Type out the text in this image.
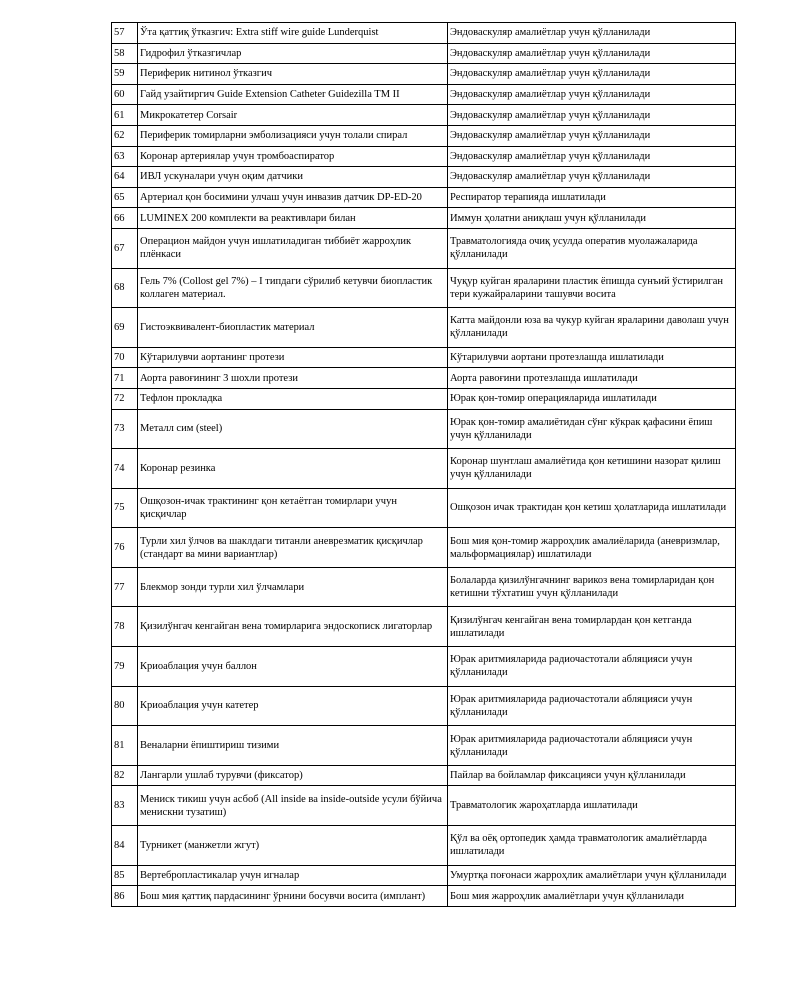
57	Ўта қаттиқ ўтказгич: Extra stiff wire guide Lunderquist	Эндоваскуляр амалиётлар учун қўлланилади
58	Гидрофил ўтказгичлар	Эндоваскуляр амалиётлар учун қўлланилади
59	Периферик нитинол ўтказгич	Эндоваскуляр амалиётлар учун қўлланилади
60	Гайд узайтиргич Guide Extension Catheter Guidezilla TM II	Эндоваскуляр амалиётлар учун қўлланилади
61	Микрокатетер Corsair	Эндоваскуляр амалиётлар учун қўлланилади
62	Периферик томирларни эмболизацияси учун толали спирал	Эндоваскуляр амалиётлар учун қўлланилади
63	Коронар артериялар учун тромбоаспиратор	Эндоваскуляр амалиётлар учун қўлланилади
64	ИВЛ ускуналари учун оқим датчики	Эндоваскуляр амалиётлар учун қўлланилади
65	Артериал қон босимини улчаш учун инвазив датчик DP-ED-20	Респиратор терапияда ишлатилади
66	LUMINEX 200 комплекти ва реактивлари билан	Иммун ҳолатни аниқлаш учун қўлланилади
67	Операцион майдон учун ишлатиладиган тиббиёт жарроҳлик плёнкаси	Травматологияда очиқ усулда оператив муолажаларида қўлланилади
68	Гель 7% (Collost gel 7%) – I типдаги сўрилиб кетувчи биопластик коллаген материал.	Чуқур куйган яраларини пластик ёпишда сунъий ўстирилган тери кужайраларини ташувчи восита
69	Гистоэквивалент-биопластик материал	Катта майдонли юза ва чукур куйган яраларини даволаш учун қўлланилади
70	Кўтарилувчи аортанинг протези	Кўтарилувчи аортани протезлашда ишлатилади
71	Аорта равоғининг 3 шохли протези	Аорта равоғини протезлашда ишлатилади
72	Тефлон прокладка	Юрак қон-томир операцияларида ишлатилади
73	Металл сим (steel)	Юрак қон-томир амалиётидан сўнг кўкрак қафасини ёпиш учун қўлланилади
74	Коронар резинка	Коронар шунтлаш амалиётида қон кетишини назорат қилиш учун қўлланилади
75	Ошқозон-ичак трактининг қон кетаётган томирлари учун қисқичлар	Ошқозон ичак трактидан қон кетиш ҳолатларида ишлатилади
76	Турли хил ўлчов ва шаклдаги титанли аневрезматик қисқичлар (стандарт ва мини вариантлар)	Бош мия қон-томир жарроҳлик амалиёларида (аневризмлар, мальформациялар) ишлатилади
77	Блекмор зонди турли хил ўлчамлари	Болаларда қизилўнгачнинг варикоз вена томирларидан қон кетишни тўхтатиш учун қўлланилади
78	Қизилўнгач кенгайган вена томирларига эндоскописк лигаторлар	Қизилўнгач кенгайган вена томирлардан қон кетганда ишлатилади
79	Криоаблация учун баллон	Юрак аритмияларида радиочастотали абляцияси учун қўлланилади
80	Криоаблация учун катетер	Юрак аритмияларида радиочастотали абляцияси учун қўлланилади
81	Веналарни ёпиштириш тизими	Юрак аритмияларида радиочастотали абляцияси учун қўлланилади
82	Лангарли ушлаб турувчи (фиксатор)	Пайлар ва бойламлар фиксацияси учун қўлланилади
83	Мениск тикиш учун асбоб (All inside ва inside-outside усули бўйича менискни тузатиш)	Травматологик жароҳатларда ишлатилади
84	Турникет (манжетли жгут)	Қўл ва оёқ ортопедик ҳамда травматологик амалиётларда ишлатилади
85	Вертебропластикалар учун игналар	Умуртқа поғонаси жарроҳлик амалиётлари учун қўлланилади
86	Бош мия қаттиқ пардасининг ўрнини босувчи восита (имплант)	Бош мия жарроҳлик амалиётлари учун қўлланилади
